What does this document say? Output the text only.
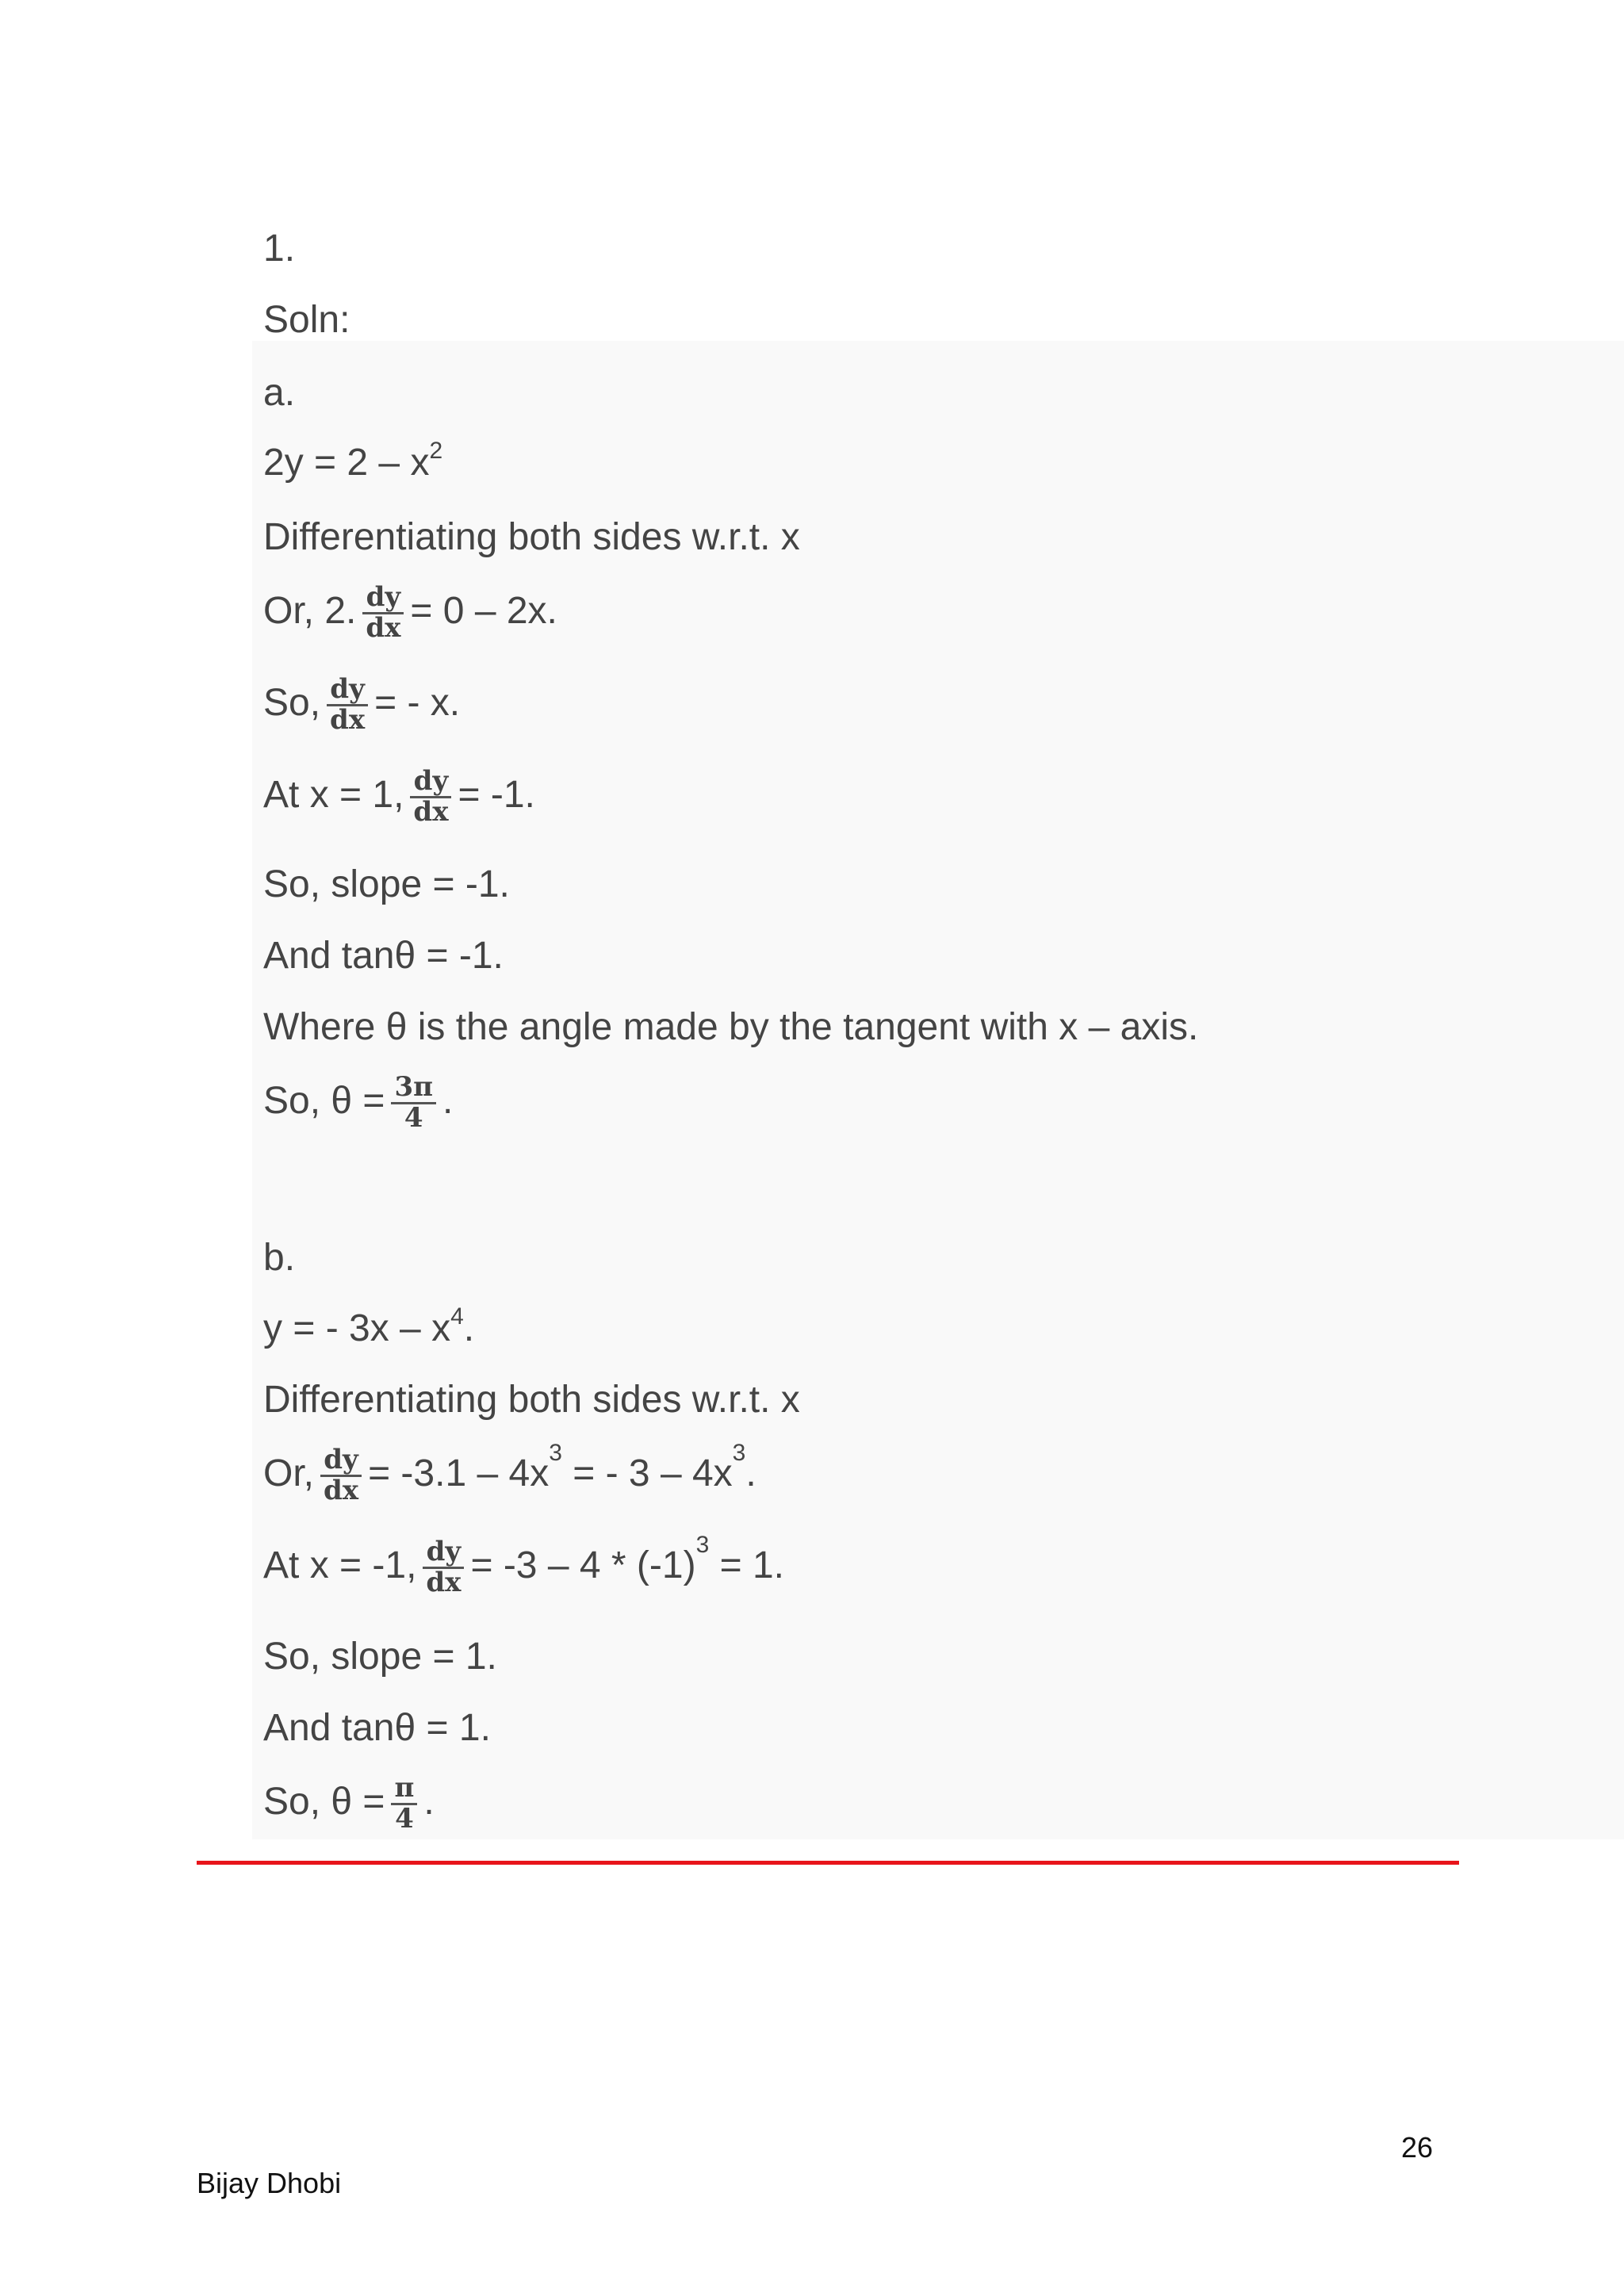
1.
Soln:
a.
$2y = 2 - x^2$
Differentiating both sides w.r.t. x
Or, 2. $\frac{dy}{dx} = 0 - 2x$.
So, $\frac{dy}{dx}$ = - x.
At x = 1, $\frac{dy}{dx} = -1$.
So, slope = -1.
And tanθ = -1.
Where θ is the angle made by the tangent with x – axis.
So, $\theta = \frac{3\pi}{4}$ .
b.
y = - $3x - x^4$.
Differentiating both sides w.r.t. x
Or, $\frac{dy}{dx} = -3.1 - 4x^3$ = - $3 - 4x^3$.
At x = -1, $\frac{dy}{dx} = -3 - 4 * (-1)^3 = 1$.
So, slope = 1.
And tanθ = 1.
So, $\theta = \frac{\pi}{4}$ .
26
Bijay Dhobi
